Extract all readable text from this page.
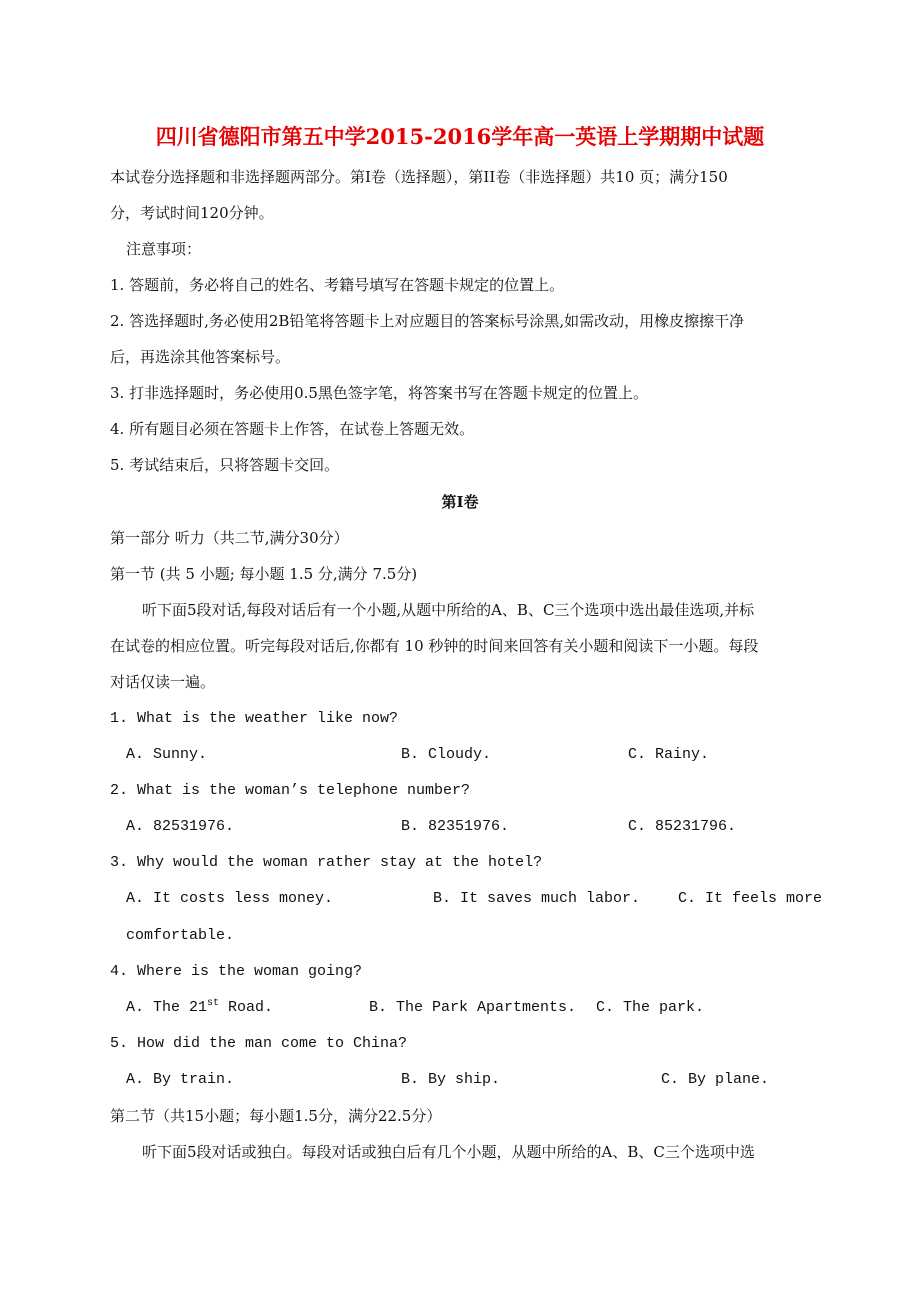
四川省德阳市第五中学2015-2016学年高一英语上学期期中试题
本试卷分选择题和非选择题两部分。第Ⅰ卷（选择题），第II卷（非选择题）共10 页；满分150
分，考试时间120分钟。
注意事项：
1. 答题前，务必将自己的姓名、考籍号填写在答题卡规定的位置上。
2. 答选择题时,务必使用2B铅笔将答题卡上对应题目的答案标号涂黑,如需改动，用橡皮擦擦干净
后，再选涂其他答案标号。
3. 打非选择题时，务必使用0.5黑色签字笔，将答案书写在答题卡规定的位置上。
4. 所有题目必须在答题卡上作答，在试卷上答题无效。
5. 考试结束后，只将答题卡交回。
第Ⅰ卷
第一部分 听力（共二节,满分30分）
第一节 (共 5 小题; 每小题 1.5 分,满分 7.5分)
听下面5段对话,每段对话后有一个小题,从题中所给的A、B、C三个选项中选出最佳选项,并标
在试卷的相应位置。听完每段对话后,你都有 10 秒钟的时间来回答有关小题和阅读下一小题。每段
对话仅读一遍。
1. What is the weather like now?
A. Sunny.	B. Cloudy.	C. Rainy.
2. What is the woman’s telephone number?
A. 82531976.	B. 82351976.	C. 85231796.
3. Why would the woman rather stay at the hotel?
A. It costs less money.	B. It saves much labor.	C. It feels more
comfortable.
4. Where is the woman going?
A. The 21st Road.	B. The Park Apartments. C. The park.
5. How did the man come to China?
A. By train.	B. By ship.	C. By plane.
第二节（共15小题；每小题1.5分，满分22.5分）
听下面5段对话或独白。每段对话或独白后有几个小题，从题中所给的A、B、C三个选项中选
